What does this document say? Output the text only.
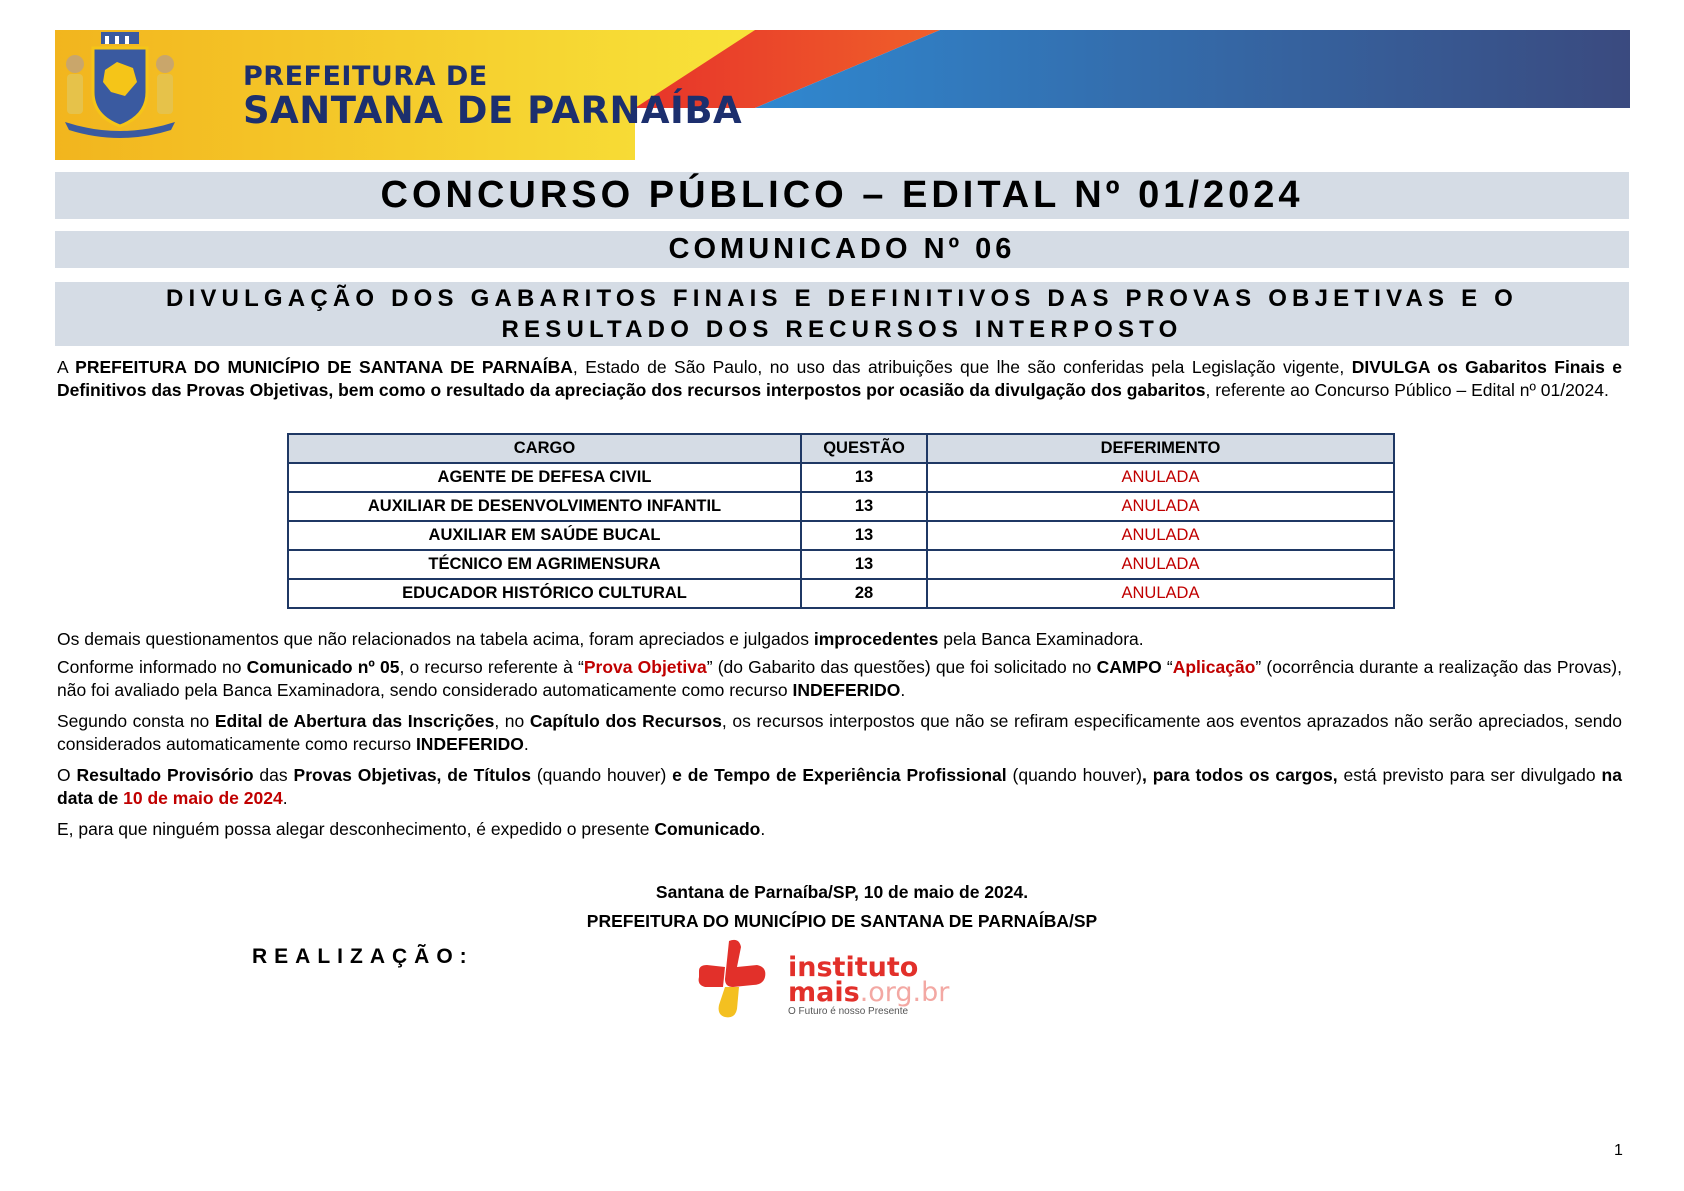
PREFEITURA DE
SANTANA DE PARNAÍBA
CONCURSO PÚBLICO – EDITAL Nº 01/2024
COMUNICADO Nº 06
DIVULGAÇÃO DOS GABARITOS FINAIS E DEFINITIVOS DAS PROVAS OBJETIVAS E O
RESULTADO DOS RECURSOS INTERPOSTO
A PREFEITURA DO MUNICÍPIO DE SANTANA DE PARNAÍBA, Estado de São Paulo, no uso das atribuições que lhe são conferidas pela Legislação vigente, DIVULGA os Gabaritos Finais e Definitivos das Provas Objetivas, bem como o resultado da apreciação dos recursos interpostos por ocasião da divulgação dos gabaritos, referente ao Concurso Público – Edital nº 01/2024.
CARGO	QUESTÃO	DEFERIMENTO
AGENTE DE DEFESA CIVIL	13	ANULADA
AUXILIAR DE DESENVOLVIMENTO INFANTIL	13	ANULADA
AUXILIAR EM SAÚDE BUCAL	13	ANULADA
TÉCNICO EM AGRIMENSURA	13	ANULADA
EDUCADOR HISTÓRICO CULTURAL	28	ANULADA
Os demais questionamentos que não relacionados na tabela acima, foram apreciados e julgados improcedentes pela Banca Examinadora.
Conforme informado no Comunicado nº 05, o recurso referente à “Prova Objetiva” (do Gabarito das questões) que foi solicitado no CAMPO “Aplicação” (ocorrência durante a realização das Provas), não foi avaliado pela Banca Examinadora, sendo considerado automaticamente como recurso INDEFERIDO.
Segundo consta no Edital de Abertura das Inscrições, no Capítulo dos Recursos, os recursos interpostos que não se refiram especificamente aos eventos aprazados não serão apreciados, sendo considerados automaticamente como recurso INDEFERIDO.
O Resultado Provisório das Provas Objetivas, de Títulos (quando houver) e de Tempo de Experiência Profissional (quando houver), para todos os cargos, está previsto para ser divulgado na data de 10 de maio de 2024.
E, para que ninguém possa alegar desconhecimento, é expedido o presente Comunicado.
Santana de Parnaíba/SP, 10 de maio de 2024.
PREFEITURA DO MUNICÍPIO DE SANTANA DE PARNAÍBA/SP
REALIZAÇÃO:	instituto
mais.org.br
O Futuro é nosso Presente
1
